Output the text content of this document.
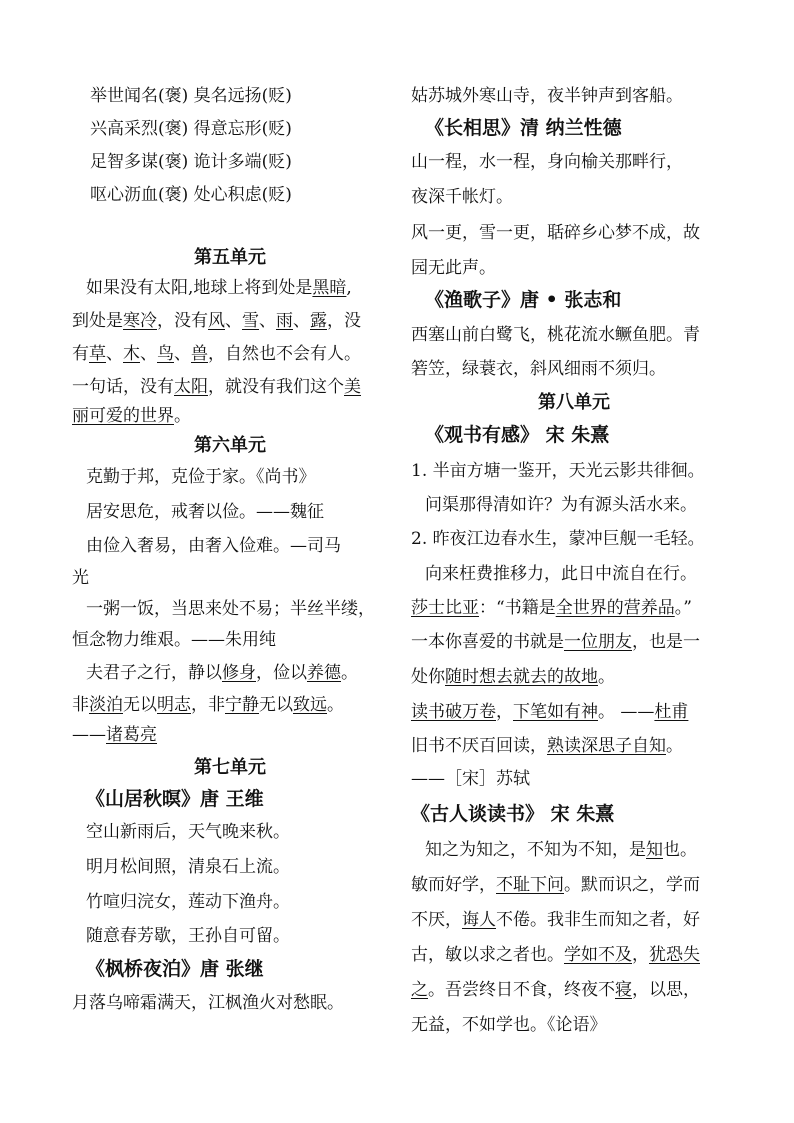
举世闻名(褒) 臭名远扬(贬)
兴高采烈(褒) 得意忘形(贬)
足智多谋(褒) 诡计多端(贬)
呕心沥血(褒) 处心积虑(贬)
第五单元
如果没有太阳,地球上将到处是黑暗,
到处是寒冷，没有风、雪、雨、露，没
有草、木、鸟、兽，自然也不会有人。
一句话，没有太阳，就没有我们这个美
丽可爱的世界。
第六单元
克勤于邦，克俭于家。《尚书》
居安思危，戒奢以俭。——魏征
由俭入奢易，由奢入俭难。—司马
光
一粥一饭，当思来处不易；半丝半缕，
恒念物力维艰。——朱用纯
夫君子之行，静以修身，俭以养德。
非淡泊无以明志，非宁静无以致远。
——诸葛亮
第七单元
《山居秋暝》唐 王维
空山新雨后，天气晚来秋。
明月松间照，清泉石上流。
竹喧归浣女，莲动下渔舟。
随意春芳歇，王孙自可留。
《枫桥夜泊》唐 张继
月落乌啼霜满天，江枫渔火对愁眠。
姑苏城外寒山寺，夜半钟声到客船。
《长相思》清 纳兰性德
山一程，水一程，身向榆关那畔行，
夜深千帐灯。
风一更，雪一更，聒碎乡心梦不成，故
园无此声。
《渔歌子》唐 • 张志和
西塞山前白鹭飞，桃花流水鳜鱼肥。青
箬笠，绿蓑衣，斜风细雨不须归。
第八单元
《观书有感》 宋 朱熹
1. 半亩方塘一鉴开，天光云影共徘徊。
问渠那得清如许？为有源头活水来。
2. 昨夜江边春水生，蒙冲巨舰一毛轻。
向来枉费推移力，此日中流自在行。
莎士比亚：“书籍是全世界的营养品。”
一本你喜爱的书就是一位朋友，也是一
处你随时想去就去的故地。
读书破万卷，下笔如有神。 ——杜甫
旧书不厌百回读，熟读深思子自知。
——［宋］苏轼
《古人谈读书》 宋 朱熹
知之为知之，不知为不知，是知也。
敏而好学，不耻下问。默而识之，学而
不厌，诲人不倦。我非生而知之者，好
古，敏以求之者也。学如不及，犹恐失
之。吾尝终日不食，终夜不寝，以思，
无益，不如学也。《论语》
